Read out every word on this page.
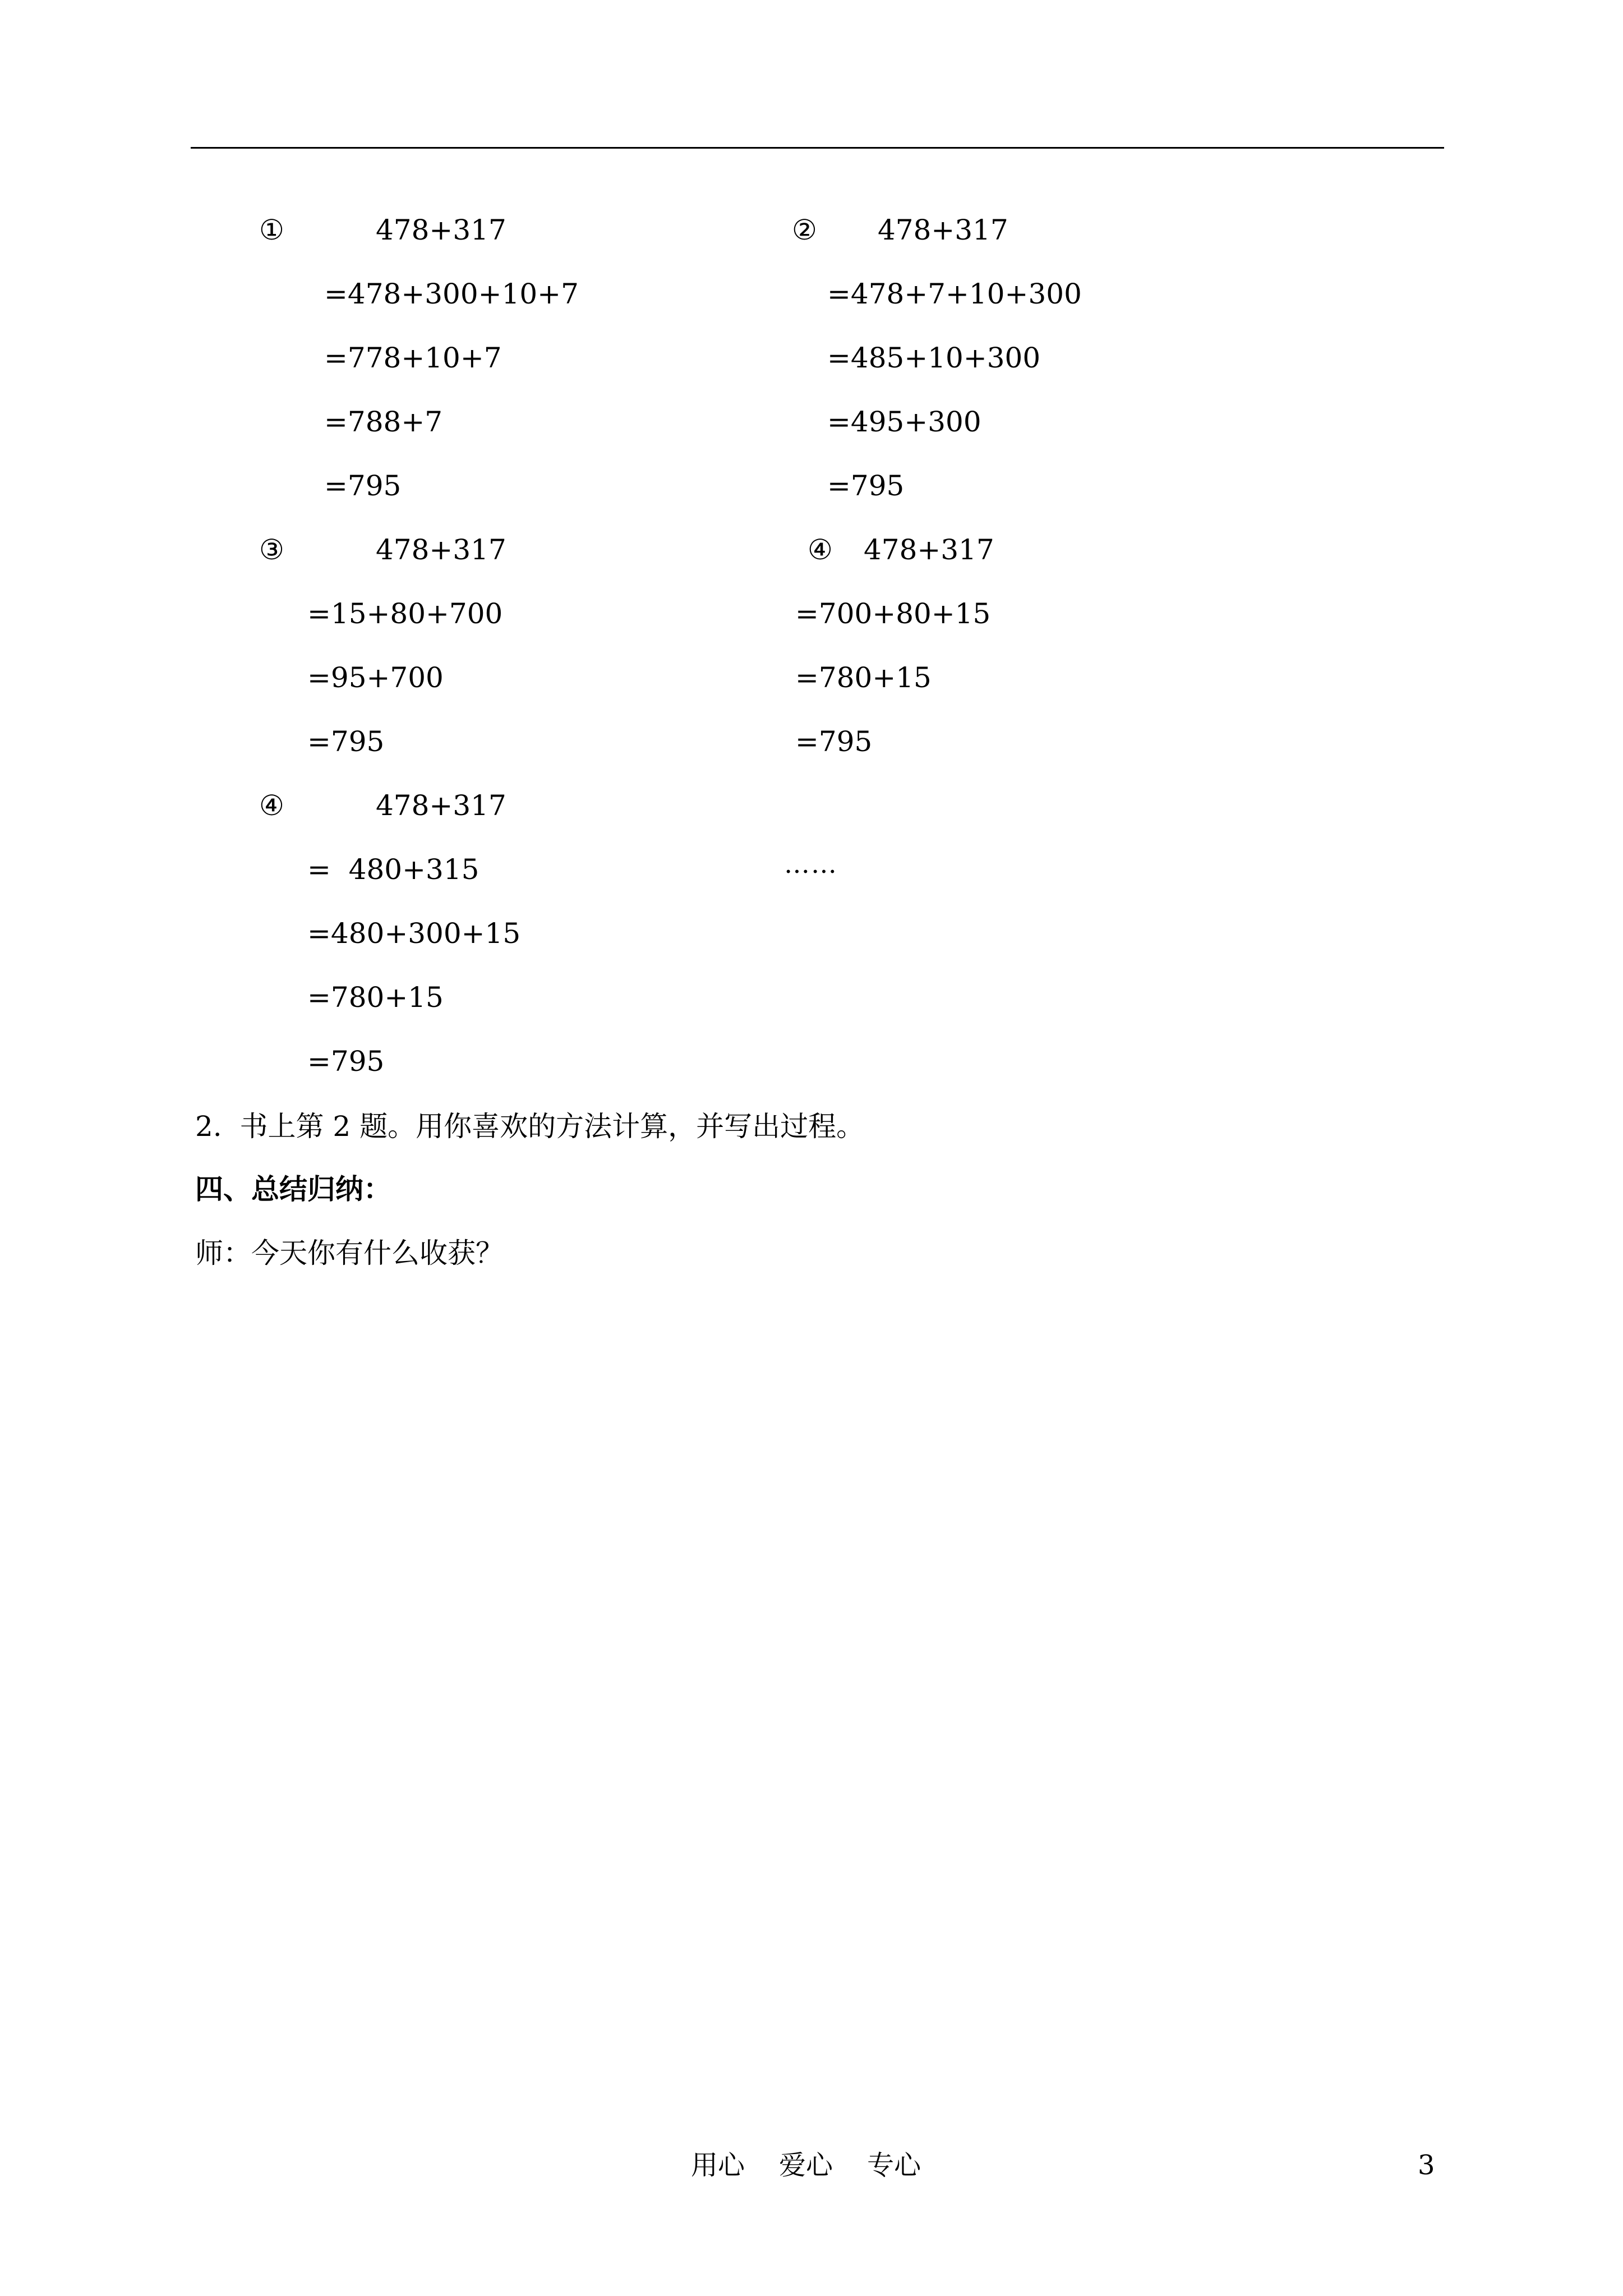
①	478+317
=478+300+10+7
=778+10+7
=788+7
=795
② 478+317
=478+7+10+300
=485+10+300
=495+300
=795
③	478+317
=15+80+700
=95+700
=795
④ 478+317
=700+80+15
=780+15
=795
④	478+317
=  480+315
=480+300+15
=780+15
=795
……
2.  书上第 2 题。用你喜欢的方法计算，并写出过程。
四、总结归纳：
师：今天你有什么收获？
用心    爱心    专心	3
